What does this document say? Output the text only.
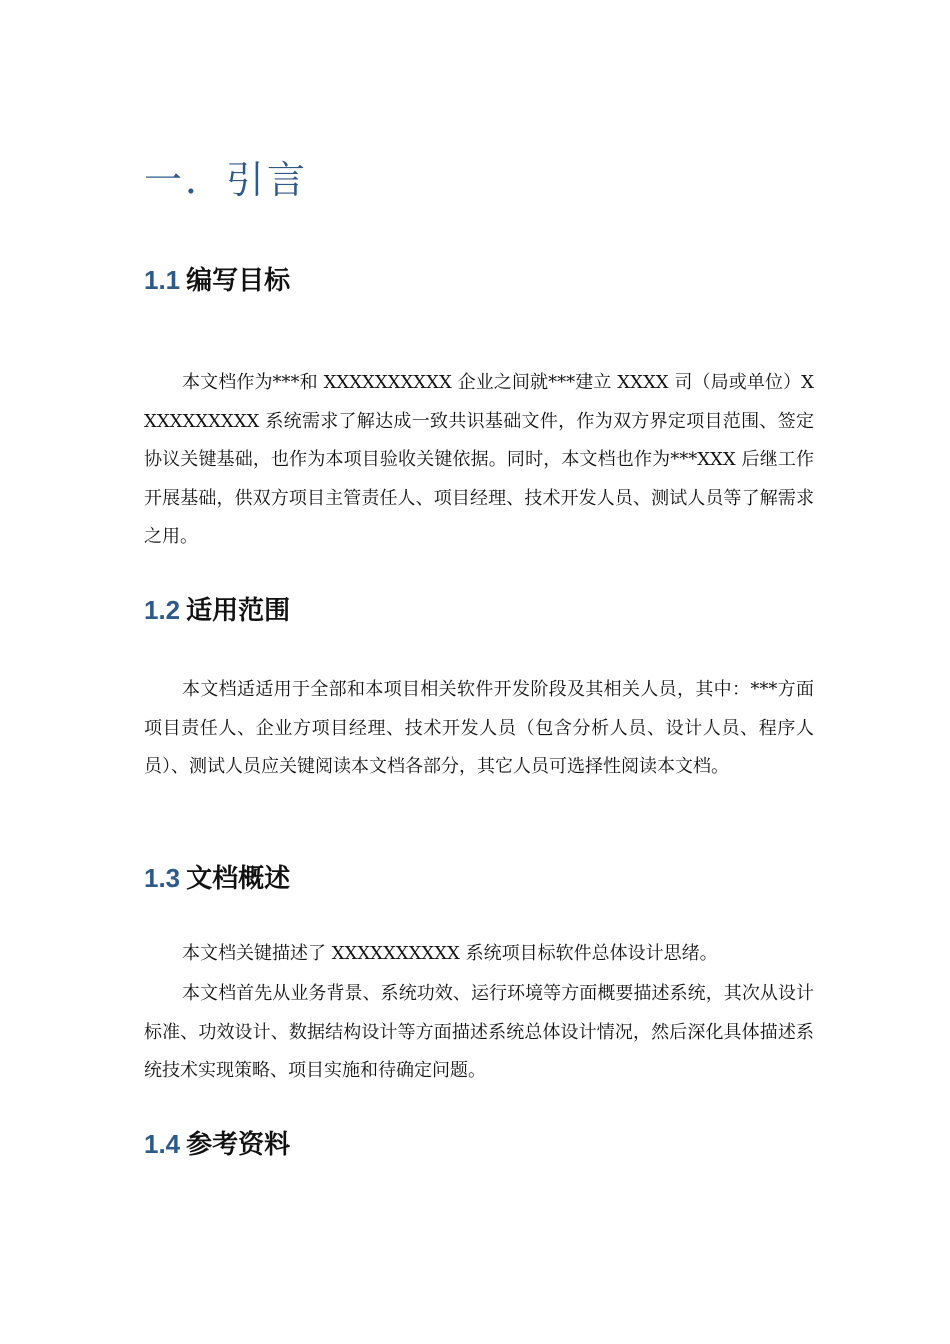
一．引言
1.1 编写目标

本文档作为***和 XXXXXXXXXX 企业之间就***建立 XXXX 司（局或单位）XXXXXXXXXX 系统需求了解达成一致共识基础文件，作为双方界定项目范围、签定协议关键基础，也作为本项目验收关键依据。同时，本文档也作为***XXX 后继工作开展基础，供双方项目主管责任人、项目经理、技术开发人员、测试人员等了解需求之用。

1.2 适用范围

本文档适适用于全部和本项目相关软件开发阶段及其相关人员，其中：***方面项目责任人、企业方项目经理、技术开发人员（包含分析人员、设计人员、程序人员）、测试人员应关键阅读本文档各部分，其它人员可选择性阅读本文档。

1.3 文档概述

本文档关键描述了 XXXXXXXXXX 系统项目标软件总体设计思绪。

本文档首先从业务背景、系统功效、运行环境等方面概要描述系统，其次从设计标准、功效设计、数据结构设计等方面描述系统总体设计情况，然后深化具体描述系统技术实现策略、项目实施和待确定问题。

1.4 参考资料
